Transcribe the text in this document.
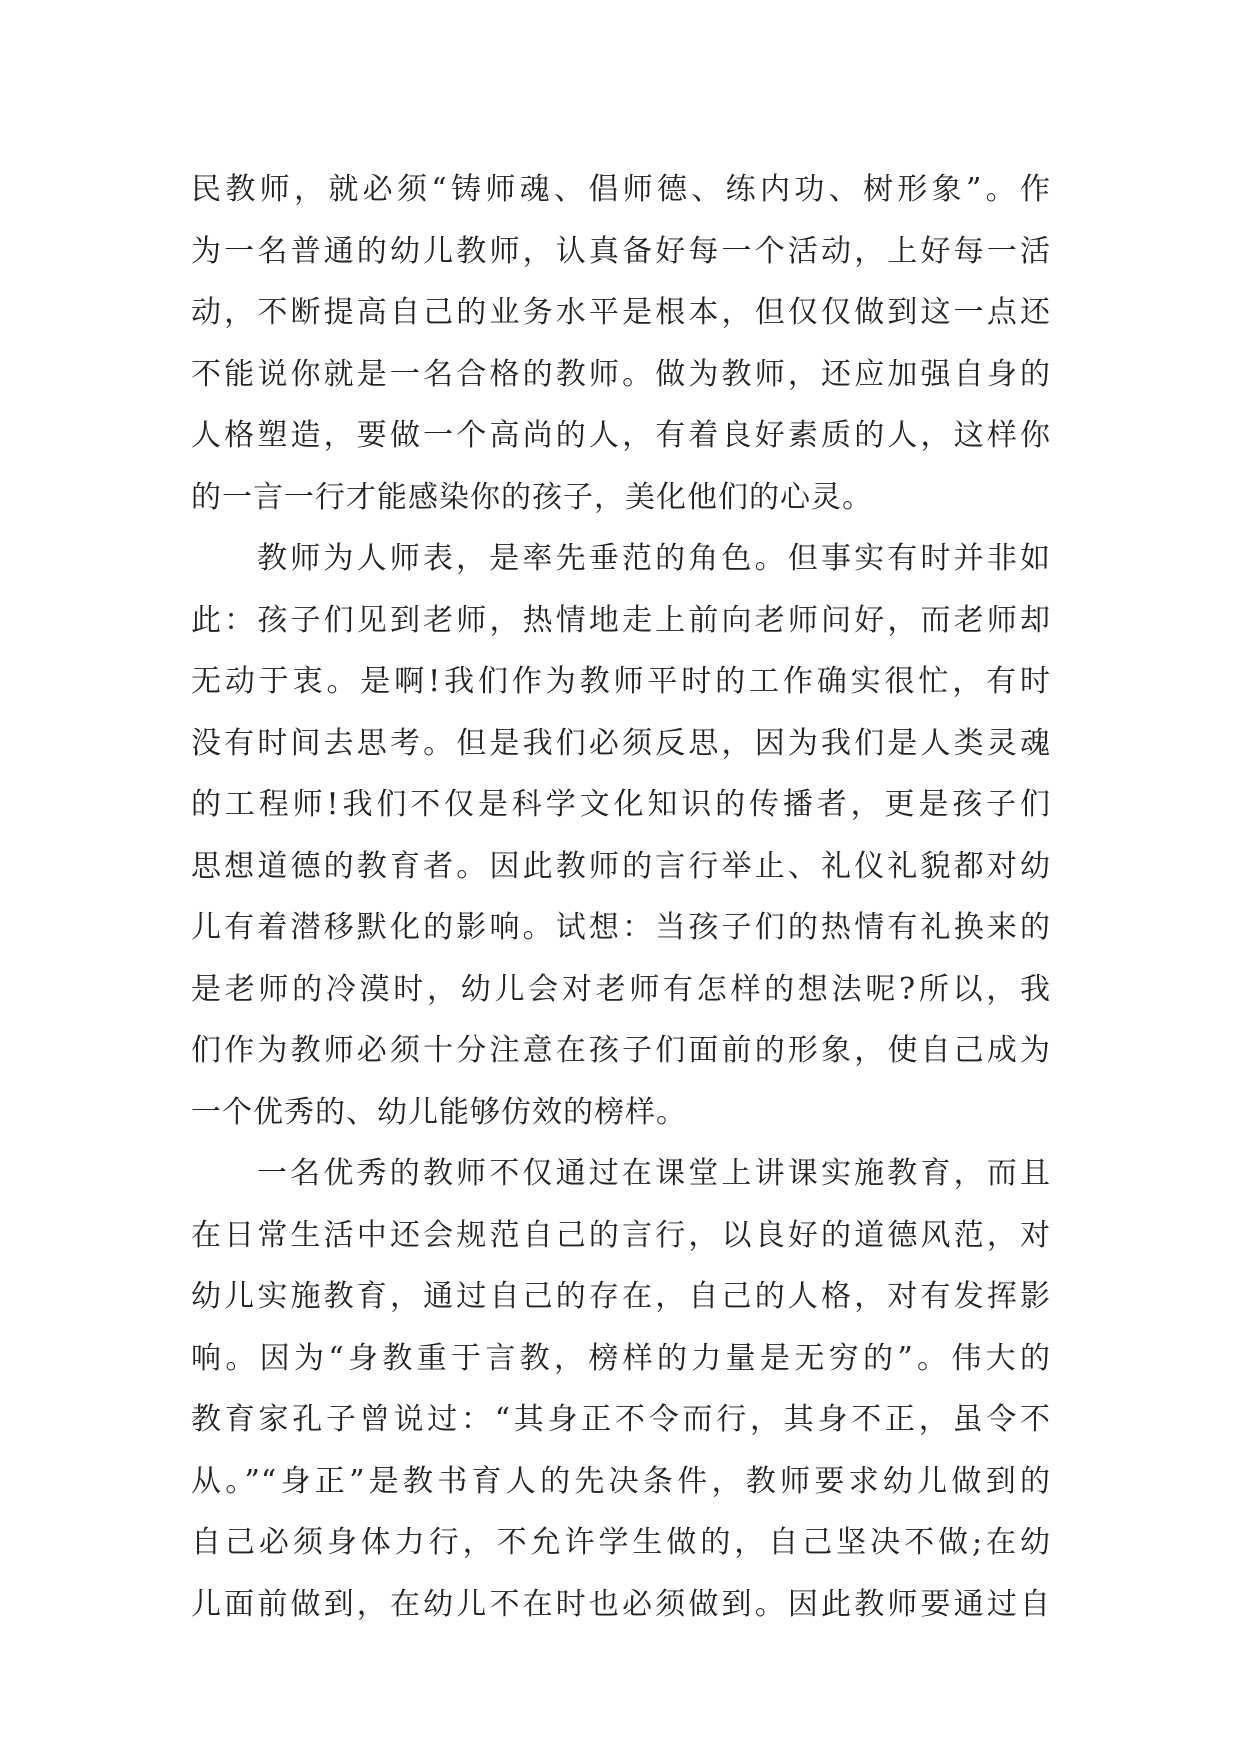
民教师，就必须“铸师魂、倡师德、练内功、树形象”。作
为一名普通的幼儿教师，认真备好每一个活动，上好每一活
动，不断提高自己的业务水平是根本，但仅仅做到这一点还
不能说你就是一名合格的教师。做为教师，还应加强自身的
人格塑造，要做一个高尚的人，有着良好素质的人，这样你
的一言一行才能感染你的孩子，美化他们的心灵。
教师为人师表，是率先垂范的角色。但事实有时并非如
此：孩子们见到老师，热情地走上前向老师问好，而老师却
无动于衷。是啊!我们作为教师平时的工作确实很忙，有时
没有时间去思考。但是我们必须反思，因为我们是人类灵魂
的工程师!我们不仅是科学文化知识的传播者，更是孩子们
思想道德的教育者。因此教师的言行举止、礼仪礼貌都对幼
儿有着潜移默化的影响。试想：当孩子们的热情有礼换来的
是老师的冷漠时，幼儿会对老师有怎样的想法呢?所以，我
们作为教师必须十分注意在孩子们面前的形象，使自己成为
一个优秀的、幼儿能够仿效的榜样。
一名优秀的教师不仅通过在课堂上讲课实施教育，而且
在日常生活中还会规范自己的言行，以良好的道德风范，对
幼儿实施教育，通过自己的存在，自己的人格，对有发挥影
响。因为“身教重于言教，榜样的力量是无穷的”。伟大的
教育家孔子曾说过：“其身正不令而行，其身不正，虽令不
从。”“身正”是教书育人的先决条件，教师要求幼儿做到的
自己必须身体力行，不允许学生做的，自己坚决不做;在幼
儿面前做到，在幼儿不在时也必须做到。因此教师要通过自
